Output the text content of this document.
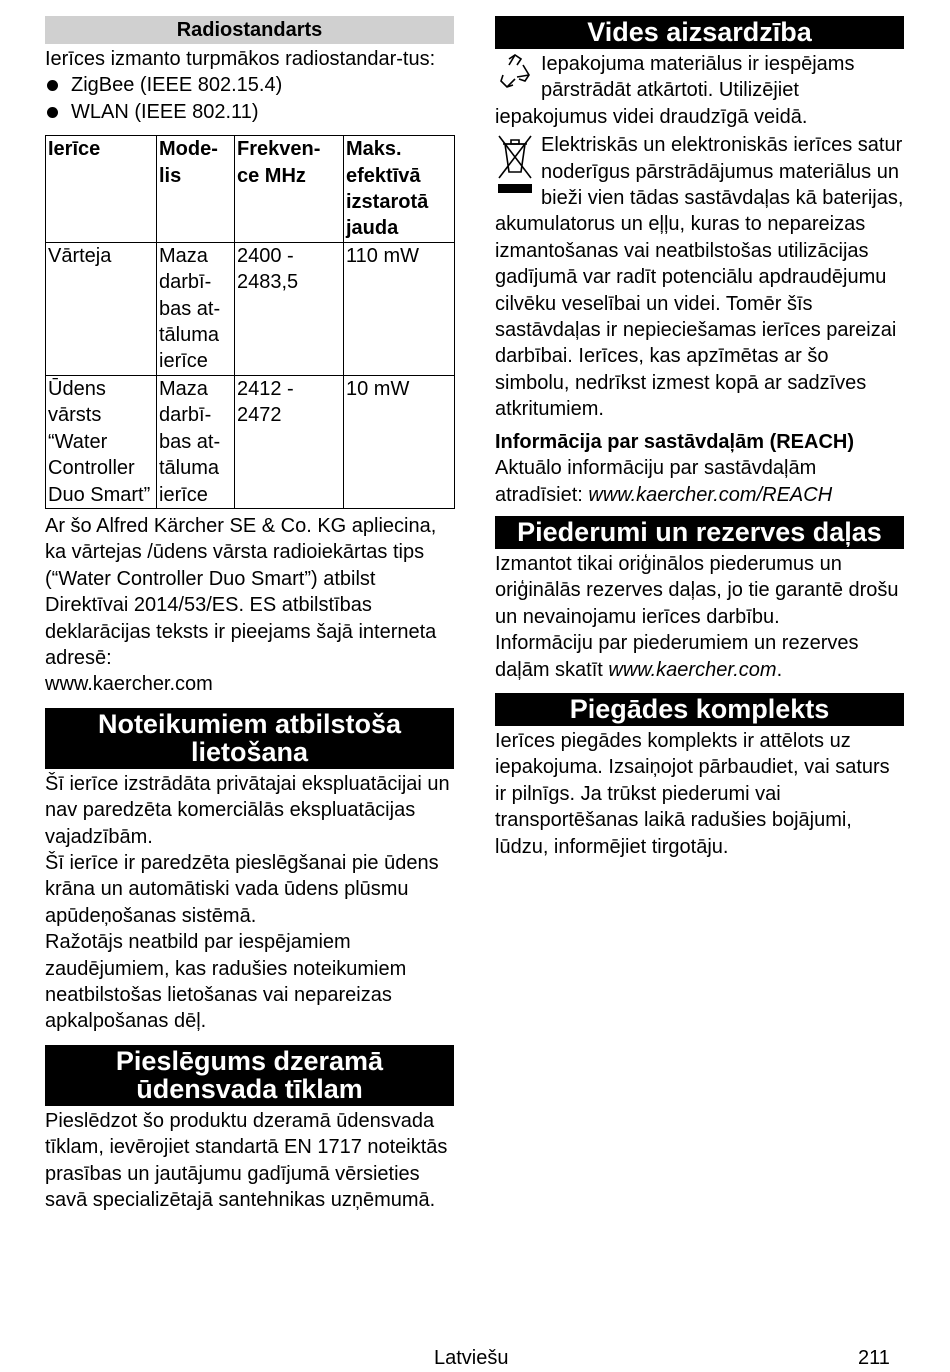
Radiostandarts

Ierīces izmanto turpmākos radiostandar-tus:

ZigBee (IEEE 802.15.4)
WLAN (IEEE 802.11)
Ierīce	Mode-lis	Frekven-ce MHz	Maks. efektīvā izstarotā jauda
Vārteja	Maza darbī-bas at-tāluma ierīce	2400 - 2483,5	110 mW
Ūdens vārsts “Water Controller Duo Smart”	Maza darbī-bas at-tāluma ierīce	2412 - 2472	10 mW

Ar šo Alfred Kärcher SE & Co. KG apliecina, ka vārtejas /ūdens vārsta radioiekārtas tips (“Water Controller Duo Smart”) atbilst Direktīvai 2014/53/ES. ES atbilstības deklarācijas teksts ir pieejams šajā interneta adresē:

www.kaercher.com

Noteikumiem atbilstoša lietošana

Šī ierīce izstrādāta privātajai ekspluatācijai un nav paredzēta komerciālās ekspluatācijas vajadzībām.

Šī ierīce ir paredzēta pieslēgšanai pie ūdens krāna un automātiski vada ūdens plūsmu apūdeņošanas sistēmā.

Ražotājs neatbild par iespējamiem zaudējumiem, kas radušies noteikumiem neatbilstošas lietošanas vai nepareizas apkalpošanas dēļ.

Pieslēgums dzeramā ūdensvada tīklam

Pieslēdzot šo produktu dzeramā ūdensvada tīklam, ievērojiet standartā EN 1717 noteiktās prasības un jautājumu gadījumā vērsieties savā specializētajā santehnikas uzņēmumā.

Vides aizsardzība

Iepakojuma materiālus ir iespējams pārstrādāt atkārtoti. Utilizējiet iepakojumus videi draudzīgā veidā.

Elektriskās un elektroniskās ierīces satur noderīgus pārstrādājumus materiālus un bieži vien tādas sastāvdaļas kā baterijas, akumulatorus un eļļu, kuras to nepareizas izmantošanas vai neatbilstošas utilizācijas gadījumā var radīt potenciālu apdraudējumu cilvēku veselībai un videi. Tomēr šīs sastāvdaļas ir nepieciešamas ierīces pareizai darbībai. Ierīces, kas apzīmētas ar šo simbolu, nedrīkst izmest kopā ar sadzīves atkritumiem.

Informācija par sastāvdaļām (REACH)

Aktuālo informāciju par sastāvdaļām atradīsiet: www.kaercher.com/REACH

Piederumi un rezerves daļas

Izmantot tikai oriģinālos piederumus un oriģinālās rezerves daļas, jo tie garantē drošu un nevainojamu ierīces darbību.

Informāciju par piederumiem un rezerves daļām skatīt www.kaercher.com.

Piegādes komplekts

Ierīces piegādes komplekts ir attēlots uz iepakojuma. Izsaiņojot pārbaudiet, vai saturs ir pilnīgs. Ja trūkst piederumi vai transportēšanas laikā radušies bojājumi, lūdzu, informējiet tirgotāju.

Latviešu	211
